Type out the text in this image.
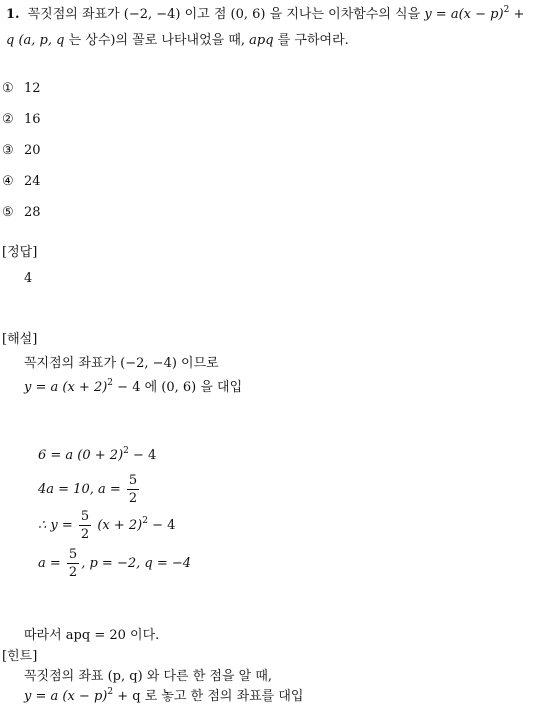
1. 꼭짓점의 좌표가 (−2, −4) 이고 점 (0, 6) 을 지나는 이차함수의 식을 $y = a(x - p)^2 + q$ (a, p, q 는 상수)의 꼴로 나타내었을 때, apq 를 구하여라.
① 12
② 16
③ 20
④ 24
⑤ 28
[정답]
4
[해설]
꼭지점의 좌표가 (−2, −4) 이므로
y = a $(x + 2)^2 - 4$ 에 (0, 6) 을 대입
6 = a $(0 + 2)^2 - 4$
4a = 10, $a = \frac{5}{2}$
∴ $y = \frac{5}{2} (x + 2)^2 - 4$
$a = \frac{5}{2}$ , p = −2, q = −4
따라서 apq = 20 이다.
[힌트]
꼭짓점의 좌표 (p, q) 와 다른 한 점을 알 때,
y = a $(x - p)^2 + q$ 로 놓고 한 점의 좌표를 대입
